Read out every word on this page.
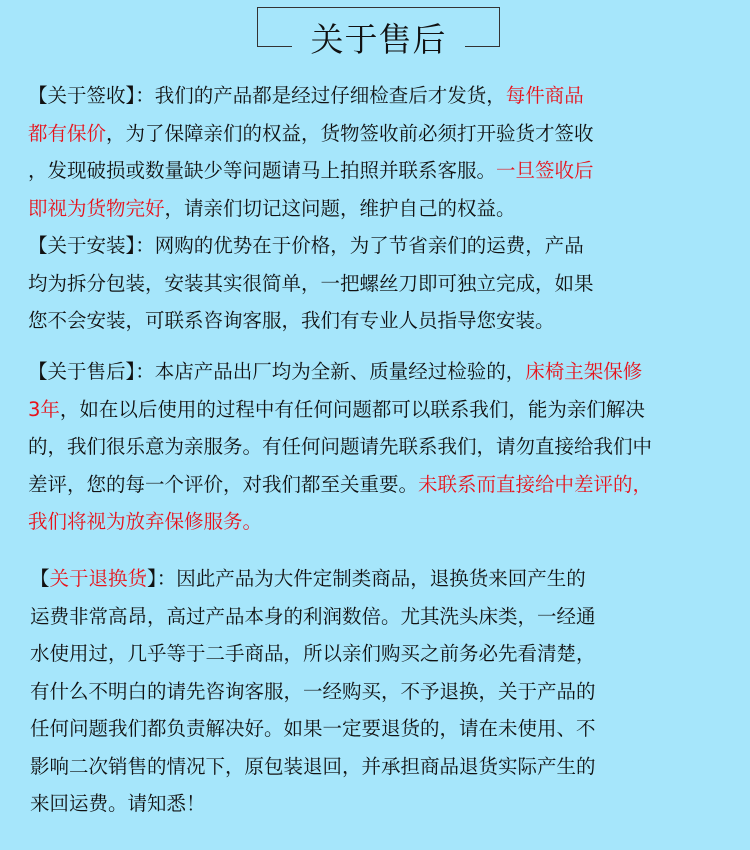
关于售后
【关于签收】：我们的产品都是经过仔细检查后才发货，每件商品
都有保价，为了保障亲们的权益，货物签收前必须打开验货才签收
，发现破损或数量缺少等问题请马上拍照并联系客服。一旦签收后
即视为货物完好，请亲们切记这问题，维护自己的权益。
【关于安装】：网购的优势在于价格，为了节省亲们的运费，产品
均为拆分包装，安装其实很简单，一把螺丝刀即可独立完成，如果
您不会安装，可联系咨询客服，我们有专业人员指导您安装。
【关于售后】：本店产品出厂均为全新、质量经过检验的，床椅主架保修
3年，如在以后使用的过程中有任何问题都可以联系我们，能为亲们解决
的，我们很乐意为亲服务。有任何问题请先联系我们，请勿直接给我们中
差评，您的每一个评价，对我们都至关重要。未联系而直接给中差评的，
我们将视为放弃保修服务。
【关于退换货】：因此产品为大件定制类商品，退换货来回产生的
运费非常高昂，高过产品本身的利润数倍。尤其洗头床类，一经通
水使用过，几乎等于二手商品，所以亲们购买之前务必先看清楚，
有什么不明白的请先咨询客服，一经购买，不予退换，关于产品的
任何问题我们都负责解决好。如果一定要退货的，请在未使用、不
影响二次销售的情况下，原包装退回，并承担商品退货实际产生的
来回运费。请知悉！
